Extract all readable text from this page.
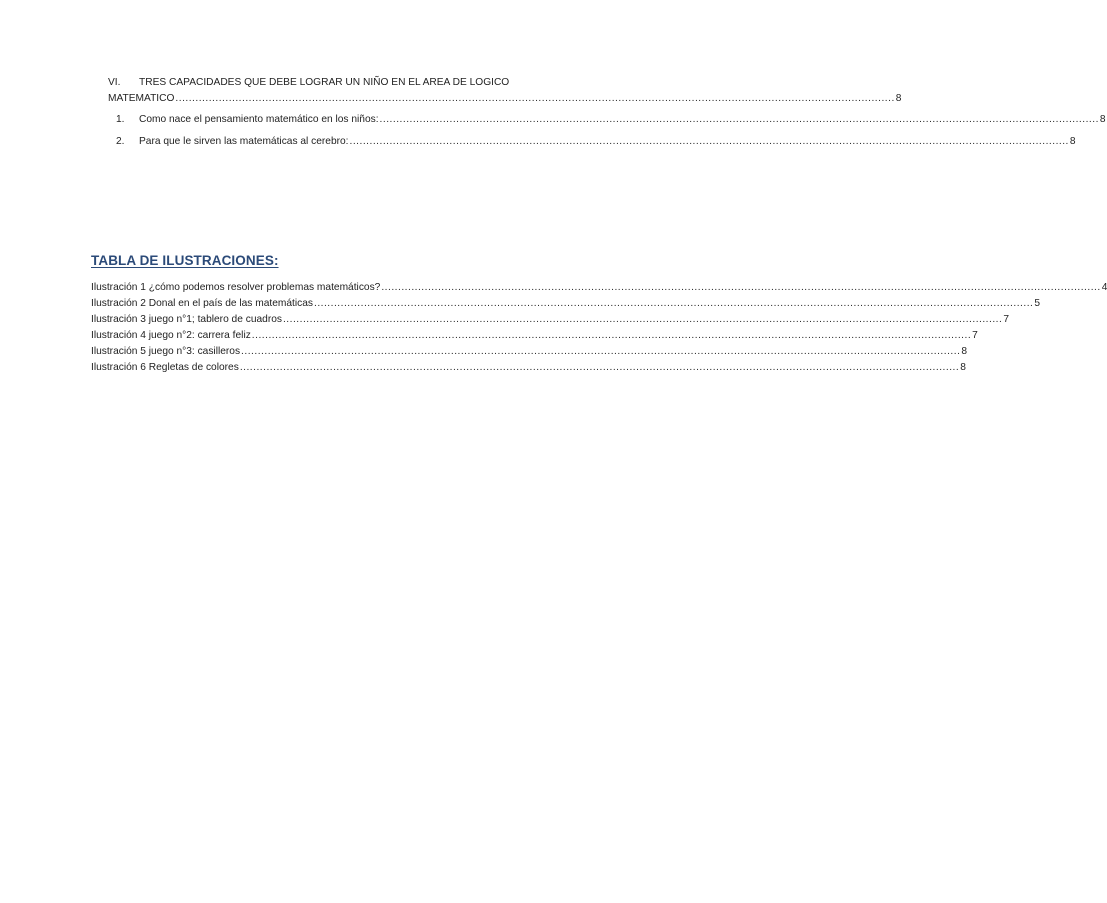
VI. TRES CAPACIDADES QUE DEBE LOGRAR UN NIÑO EN EL AREA DE LOGICO
MATEMATICO ........................................................................................................................................................................................................................ 8
1. Como nace el pensamiento matemático en los niños: ........................................................................................................................................................................................................................ 8
2. Para que le sirven las matemáticas al cerebro: ........................................................................................................................................................................................................................ 8
TABLA DE ILUSTRACIONES:
Ilustración 1 ¿cómo podemos resolver problemas matemáticos? ........................................................................................................................................................................................................................ 4
Ilustración 2 Donal en el país de las matemáticas ........................................................................................................................................................................................................................ 5
Ilustración 3 juego n°1; tablero de cuadros ........................................................................................................................................................................................................................ 7
Ilustración 4 juego n°2: carrera feliz ........................................................................................................................................................................................................................ 7
Ilustración 5 juego n°3: casilleros ........................................................................................................................................................................................................................ 8
Ilustración 6 Regletas de colores ........................................................................................................................................................................................................................ 8
